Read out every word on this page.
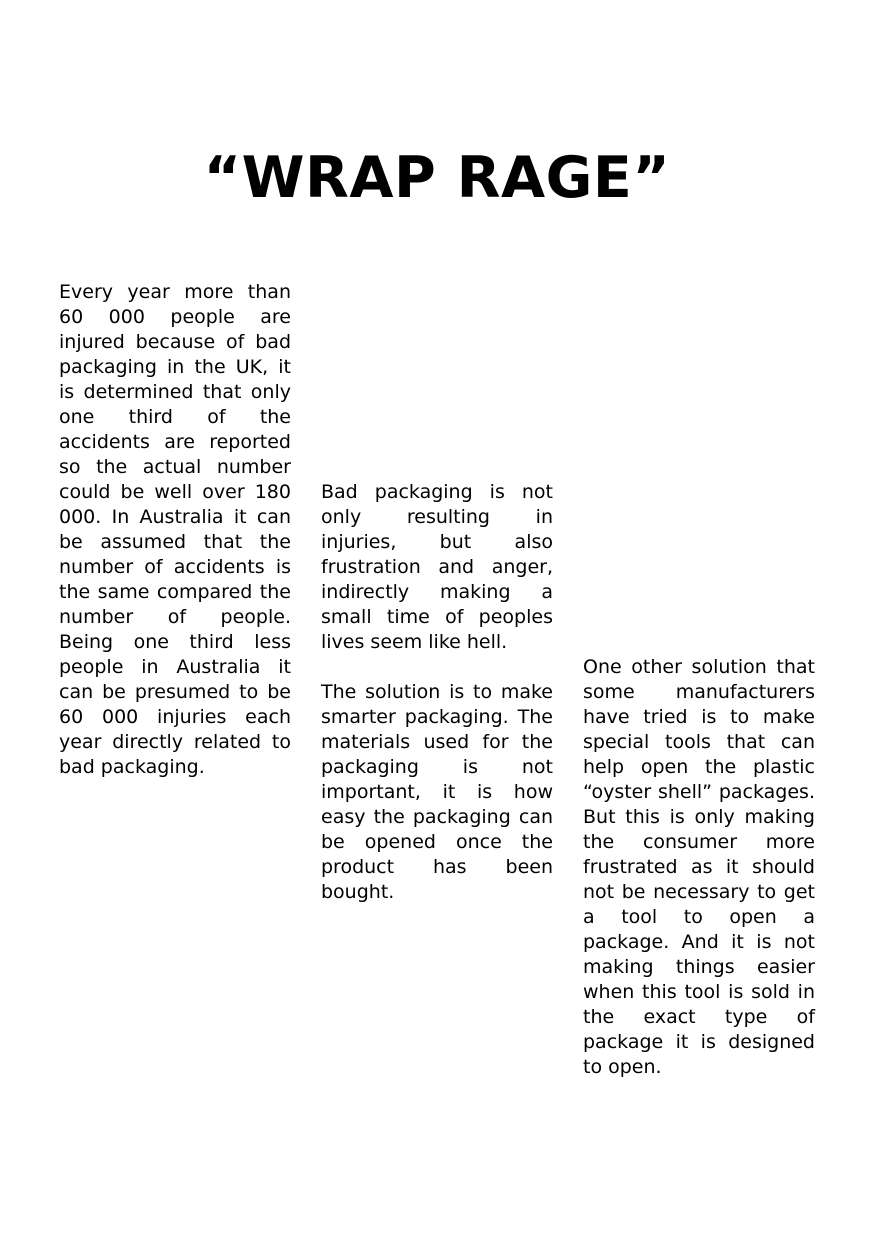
“WRAP RAGE”

Every year more than 60 000 people are injured because of bad packaging in the UK, it is determined that only one third of the accidents are reported so the actual number could be well over 180 000. In Australia it can be assumed that the number of accidents is the same compared the number of people. Being one third less people in Australia it can be presumed to be 60 000 injuries each year directly related to bad packaging.

Bad packaging is not only resulting in injuries, but also frustration and anger, indirectly making a small time of peoples lives seem like hell.

The solution is to make smarter packaging. The materials used for the packaging is not important, it is how easy the packaging can be opened once the product has been bought.

One other solution that some manufacturers have tried is to make special tools that can help open the plastic “oyster shell” packages. But this is only making the consumer more frustrated as it should not be necessary to get a tool to open a package. And it is not making things easier when this tool is sold in the exact type of package it is designed to open.
